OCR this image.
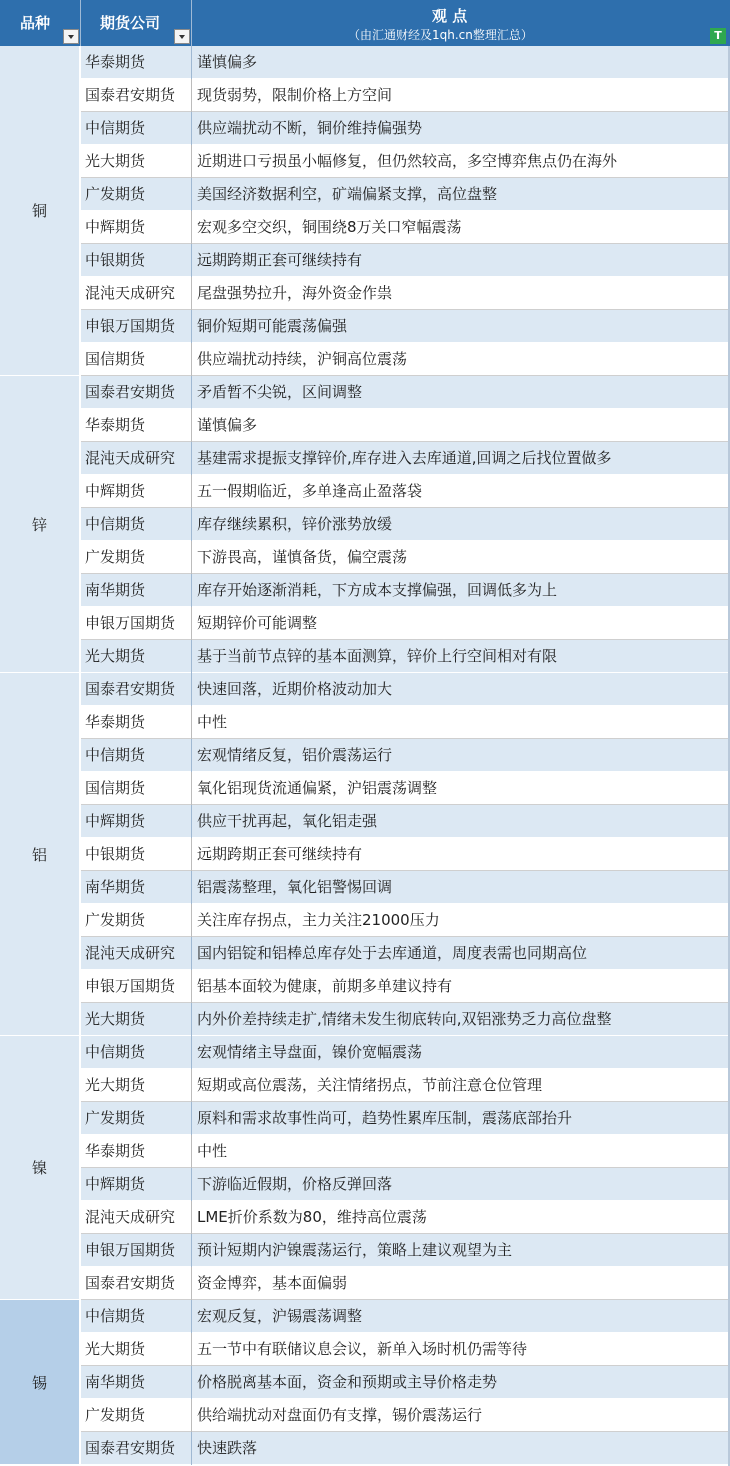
品种	期货公司	观 点
（由汇通财经及1qh.cn整理汇总）	T
铜
华泰期货	谨慎偏多
国泰君安期货	现货弱势，限制价格上方空间
中信期货	供应端扰动不断，铜价维持偏强势
光大期货	近期进口亏损虽小幅修复，但仍然较高，多空博弈焦点仍在海外
广发期货	美国经济数据利空，矿端偏紧支撑，高位盘整
中辉期货	宏观多空交织，铜围绕8万关口窄幅震荡
中银期货	远期跨期正套可继续持有
混沌天成研究	尾盘强势拉升，海外资金作祟
申银万国期货	铜价短期可能震荡偏强
国信期货	供应端扰动持续，沪铜高位震荡
锌
国泰君安期货	矛盾暂不尖锐，区间调整
华泰期货	谨慎偏多
混沌天成研究	基建需求提振支撑锌价,库存进入去库通道,回调之后找位置做多
中辉期货	五一假期临近，多单逢高止盈落袋
中信期货	库存继续累积，锌价涨势放缓
广发期货	下游畏高，谨慎备货，偏空震荡
南华期货	库存开始逐渐消耗，下方成本支撑偏强，回调低多为上
申银万国期货	短期锌价可能调整
光大期货	基于当前节点锌的基本面测算，锌价上行空间相对有限
铝
国泰君安期货	快速回落，近期价格波动加大
华泰期货	中性
中信期货	宏观情绪反复，铝价震荡运行
国信期货	氧化铝现货流通偏紧，沪铝震荡调整
中辉期货	供应干扰再起，氧化铝走强
中银期货	远期跨期正套可继续持有
南华期货	铝震荡整理，氧化铝警惕回调
广发期货	关注库存拐点，主力关注21000压力
混沌天成研究	国内铝锭和铝棒总库存处于去库通道，周度表需也同期高位
申银万国期货	铝基本面较为健康，前期多单建议持有
光大期货	内外价差持续走扩,情绪未发生彻底转向,双铝涨势乏力高位盘整
镍
中信期货	宏观情绪主导盘面，镍价宽幅震荡
光大期货	短期或高位震荡，关注情绪拐点，节前注意仓位管理
广发期货	原料和需求故事性尚可，趋势性累库压制，震荡底部抬升
华泰期货	中性
中辉期货	下游临近假期，价格反弹回落
混沌天成研究	LME折价系数为80，维持高位震荡
申银万国期货	预计短期内沪镍震荡运行，策略上建议观望为主
国泰君安期货	资金博弈，基本面偏弱
锡
中信期货	宏观反复，沪锡震荡调整
光大期货	五一节中有联储议息会议，新单入场时机仍需等待
南华期货	价格脱离基本面，资金和预期或主导价格走势
广发期货	供给端扰动对盘面仍有支撑，锡价震荡运行
国泰君安期货	快速跌落
